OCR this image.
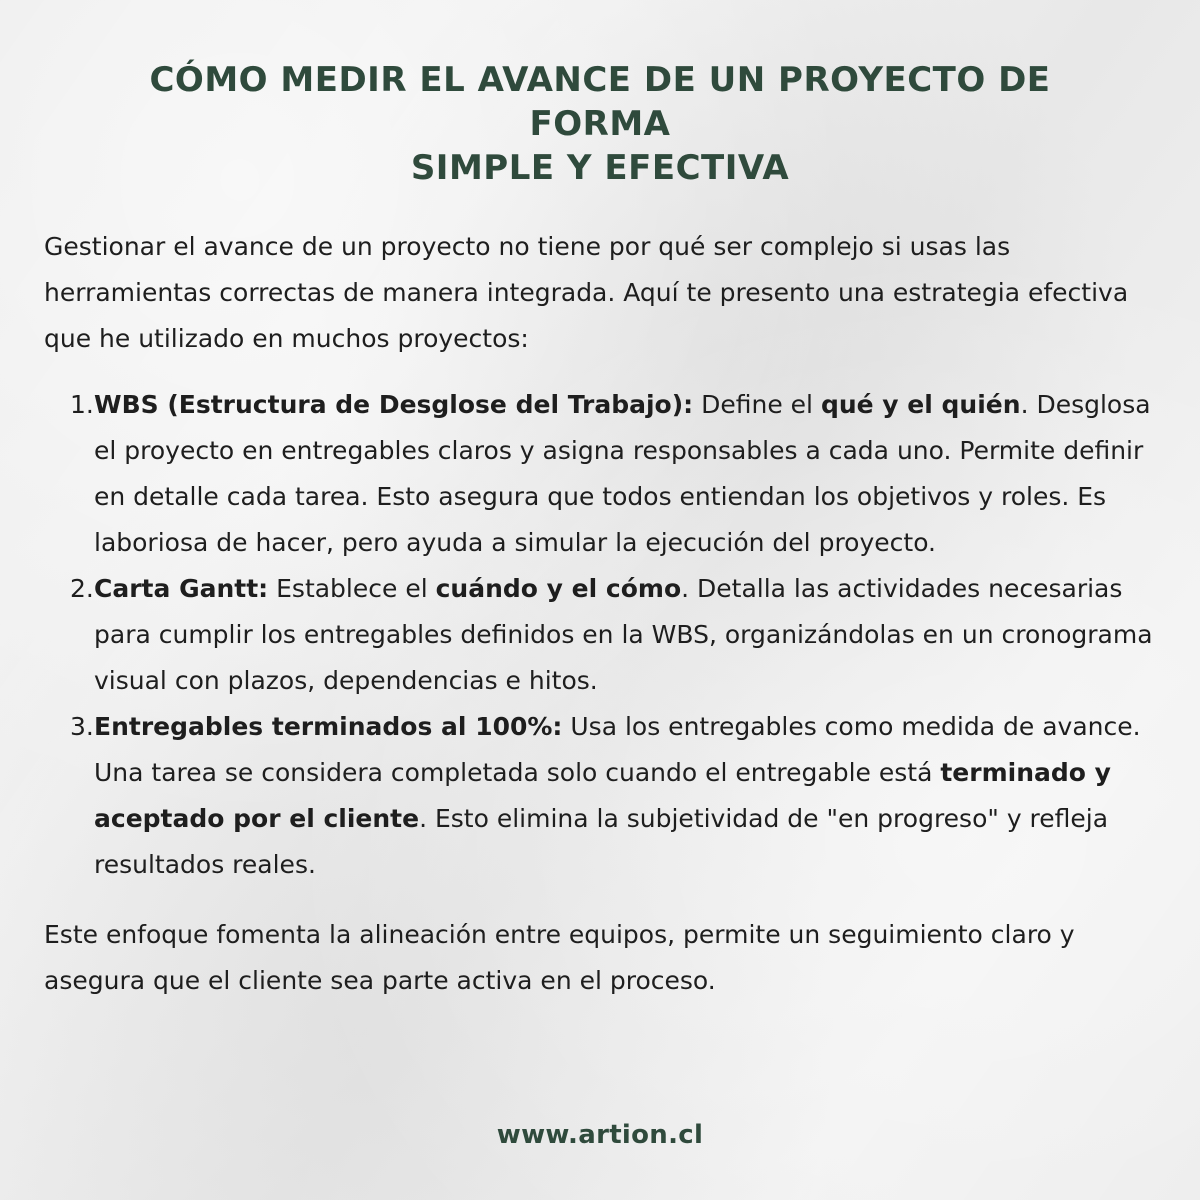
CÓMO MEDIR EL AVANCE DE UN PROYECTO DE FORMA
SIMPLE Y EFECTIVA

Gestionar el avance de un proyecto no tiene por qué ser complejo si usas las herramientas correctas de manera integrada. Aquí te presento una estrategia efectiva que he utilizado en muchos proyectos:

1. WBS (Estructura de Desglose del Trabajo): Define el qué y el quién. Desglosa el proyecto en entregables claros y asigna responsables a cada uno. Permite definir en detalle cada tarea. Esto asegura que todos entiendan los objetivos y roles. Es laboriosa de hacer, pero ayuda a simular la ejecución del proyecto.
2. Carta Gantt: Establece el cuándo y el cómo. Detalla las actividades necesarias para cumplir los entregables definidos en la WBS, organizándolas en un cronograma visual con plazos, dependencias e hitos.
3. Entregables terminados al 100%: Usa los entregables como medida de avance. Una tarea se considera completada solo cuando el entregable está terminado y aceptado por el cliente. Esto elimina la subjetividad de "en progreso" y refleja resultados reales.

Este enfoque fomenta la alineación entre equipos, permite un seguimiento claro y asegura que el cliente sea parte activa en el proceso.

www.artion.cl
